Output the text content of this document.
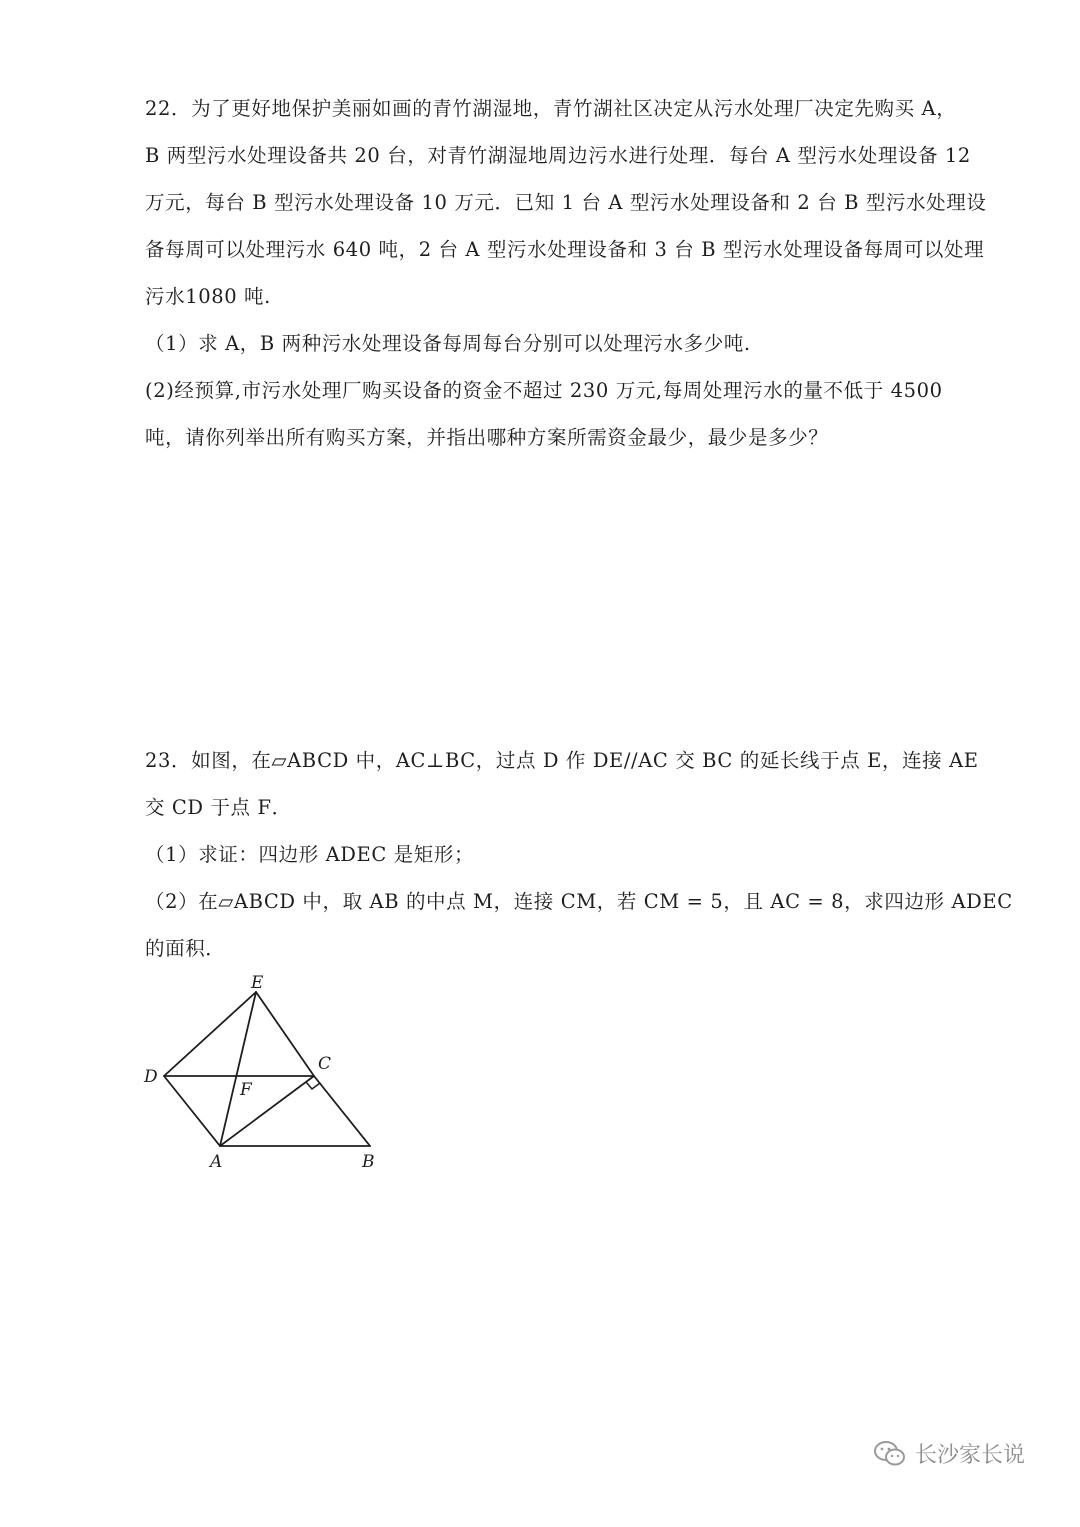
22．为了更好地保护美丽如画的青竹湖湿地，青竹湖社区决定从污水处理厂决定先购买 A，
B 两型污水处理设备共 20 台，对青竹湖湿地周边污水进行处理．每台 A 型污水处理设备 12
万元，每台 B 型污水处理设备 10 万元．已知 1 台 A 型污水处理设备和 2 台 B 型污水处理设
备每周可以处理污水 640 吨，2 台 A 型污水处理设备和 3 台 B 型污水处理设备每周可以处理
污水1080 吨.
（1）求 A，B 两种污水处理设备每周每台分别可以处理污水多少吨.
(2)经预算,市污水处理厂购买设备的资金不超过 230 万元,每周处理污水的量不低于 4500
吨，请你列举出所有购买方案，并指出哪种方案所需资金最少，最少是多少？
23．如图，在▱ABCD 中，AC⊥BC，过点 D 作 DE//AC 交 BC 的延长线于点 E，连接 AE
交 CD 于点 F．
（1）求证：四边形 ADEC 是矩形；
（2）在▱ABCD 中，取 AB 的中点 M，连接 CM，若 CM = 5，且 AC = 8，求四边形 ADEC
的面积．
E
C
D
F
A	B
长沙家长说
